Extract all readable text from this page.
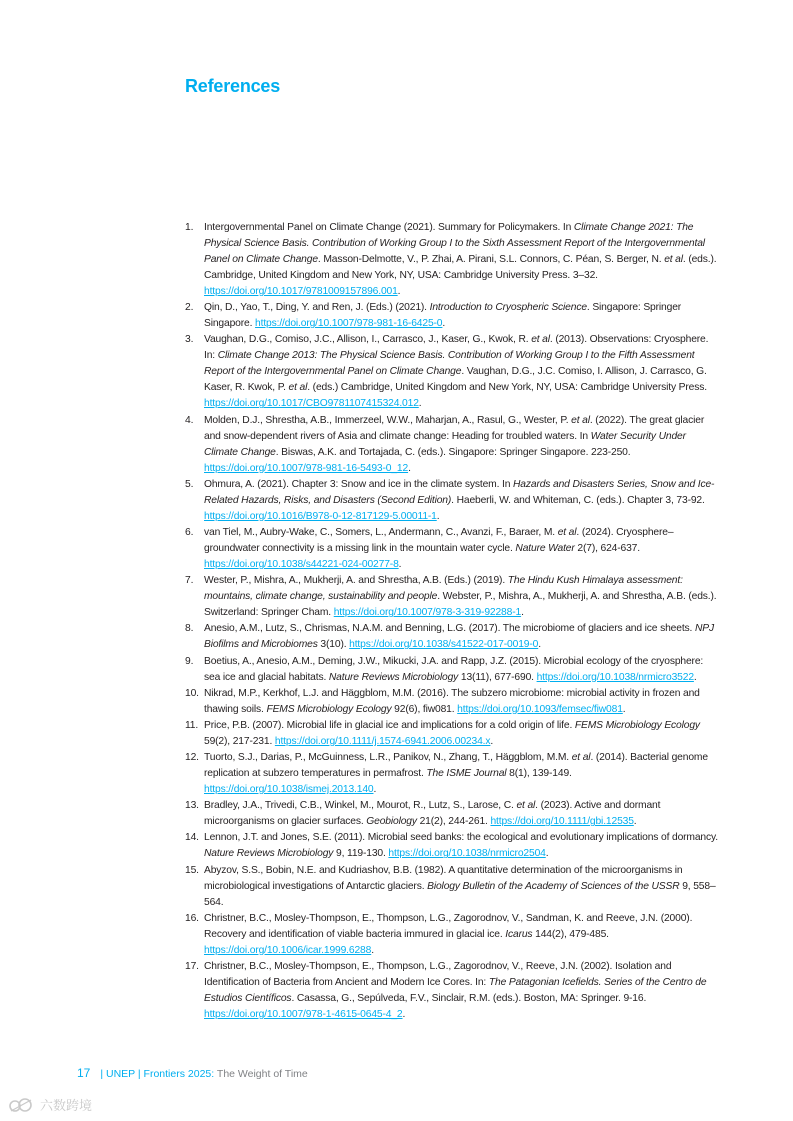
References
1.	Intergovernmental Panel on Climate Change (2021). Summary for Policymakers. In Climate Change 2021: The Physical Science Basis. Contribution of Working Group I to the Sixth Assessment Report of the Intergovernmental Panel on Climate Change. Masson-Delmotte, V., P. Zhai, A. Pirani, S.L. Connors, C. Péan, S. Berger, N. et al. (eds.). Cambridge, United Kingdom and New York, NY, USA: Cambridge University Press. 3–32. https://doi.org/10.1017/9781009157896.001.
2.	Qin, D., Yao, T., Ding, Y. and Ren, J. (Eds.) (2021). Introduction to Cryospheric Science. Singapore: Springer Singapore. https://doi.org/10.1007/978-981-16-6425-0.
3.	Vaughan, D.G., Comiso, J.C., Allison, I., Carrasco, J., Kaser, G., Kwok, R. et al. (2013). Observations: Cryosphere. In: Climate Change 2013: The Physical Science Basis. Contribution of Working Group I to the Fifth Assessment Report of the Intergovernmental Panel on Climate Change. Vaughan, D.G., J.C. Comiso, I. Allison, J. Carrasco, G. Kaser, R. Kwok, P. et al. (eds.) Cambridge, United Kingdom and New York, NY, USA: Cambridge University Press. https://doi.org/10.1017/CBO9781107415324.012.
4.	Molden, D.J., Shrestha, A.B., Immerzeel, W.W., Maharjan, A., Rasul, G., Wester, P. et al. (2022). The great glacier and snow-dependent rivers of Asia and climate change: Heading for troubled waters. In Water Security Under Climate Change. Biswas, A.K. and Tortajada, C. (eds.). Singapore: Springer Singapore. 223-250. https://doi.org/10.1007/978-981-16-5493-0_12.
5.	Ohmura, A. (2021). Chapter 3: Snow and ice in the climate system. In Hazards and Disasters Series, Snow and Ice-Related Hazards, Risks, and Disasters (Second Edition). Haeberli, W. and Whiteman, C. (eds.). Chapter 3, 73-92. https://doi.org/10.1016/B978-0-12-817129-5.00011-1.
6.	van Tiel, M., Aubry-Wake, C., Somers, L., Andermann, C., Avanzi, F., Baraer, M. et al. (2024). Cryosphere–groundwater connectivity is a missing link in the mountain water cycle. Nature Water 2(7), 624-637. https://doi.org/10.1038/s44221-024-00277-8.
7.	Wester, P., Mishra, A., Mukherji, A. and Shrestha, A.B. (Eds.) (2019). The Hindu Kush Himalaya assessment: mountains, climate change, sustainability and people. Webster, P., Mishra, A., Mukherji, A. and Shrestha, A.B. (eds.). Switzerland: Springer Cham. https://doi.org/10.1007/978-3-319-92288-1.
8.	Anesio, A.M., Lutz, S., Chrismas, N.A.M. and Benning, L.G. (2017). The microbiome of glaciers and ice sheets. NPJ Biofilms and Microbiomes 3(10). https://doi.org/10.1038/s41522-017-0019-0.
9.	Boetius, A., Anesio, A.M., Deming, J.W., Mikucki, J.A. and Rapp, J.Z. (2015). Microbial ecology of the cryosphere: sea ice and glacial habitats. Nature Reviews Microbiology 13(11), 677-690. https://doi.org/10.1038/nrmicro3522.
10. Nikrad, M.P., Kerkhof, L.J. and Häggblom, M.M. (2016). The subzero microbiome: microbial activity in frozen and thawing soils. FEMS Microbiology Ecology 92(6), fiw081. https://doi.org/10.1093/femsec/fiw081.
11. Price, P.B. (2007). Microbial life in glacial ice and implications for a cold origin of life. FEMS Microbiology Ecology 59(2), 217-231. https://doi.org/10.1111/j.1574-6941.2006.00234.x.
12. Tuorto, S.J., Darias, P., McGuinness, L.R., Panikov, N., Zhang, T., Häggblom, M.M. et al. (2014). Bacterial genome replication at subzero temperatures in permafrost. The ISME Journal 8(1), 139-149. https://doi.org/10.1038/ismej.2013.140.
13. Bradley, J.A., Trivedi, C.B., Winkel, M., Mourot, R., Lutz, S., Larose, C. et al. (2023). Active and dormant microorganisms on glacier surfaces. Geobiology 21(2), 244-261. https://doi.org/10.1111/gbi.12535.
14. Lennon, J.T. and Jones, S.E. (2011). Microbial seed banks: the ecological and evolutionary implications of dormancy. Nature Reviews Microbiology 9, 119-130. https://doi.org/10.1038/nrmicro2504.
15. Abyzov, S.S., Bobin, N.E. and Kudriashov, B.B. (1982). A quantitative determination of the microorganisms in microbiological investigations of Antarctic glaciers. Biology Bulletin of the Academy of Sciences of the USSR 9, 558–564.
16. Christner, B.C., Mosley-Thompson, E., Thompson, L.G., Zagorodnov, V., Sandman, K. and Reeve, J.N. (2000). Recovery and identification of viable bacteria immured in glacial ice. Icarus 144(2), 479-485. https://doi.org/10.1006/icar.1999.6288.
17. Christner, B.C., Mosley-Thompson, E., Thompson, L.G., Zagorodnov, V., Reeve, J.N. (2002). Isolation and Identification of Bacteria from Ancient and Modern Ice Cores. In: The Patagonian Icefields. Series of the Centro de Estudios Científicos. Casassa, G., Sepúlveda, F.V., Sinclair, R.M. (eds.). Boston, MA: Springer. 9-16. https://doi.org/10.1007/978-1-4615-0645-4_2.
17 | UNEP | Frontiers 2025: The Weight of Time
六数跨境
